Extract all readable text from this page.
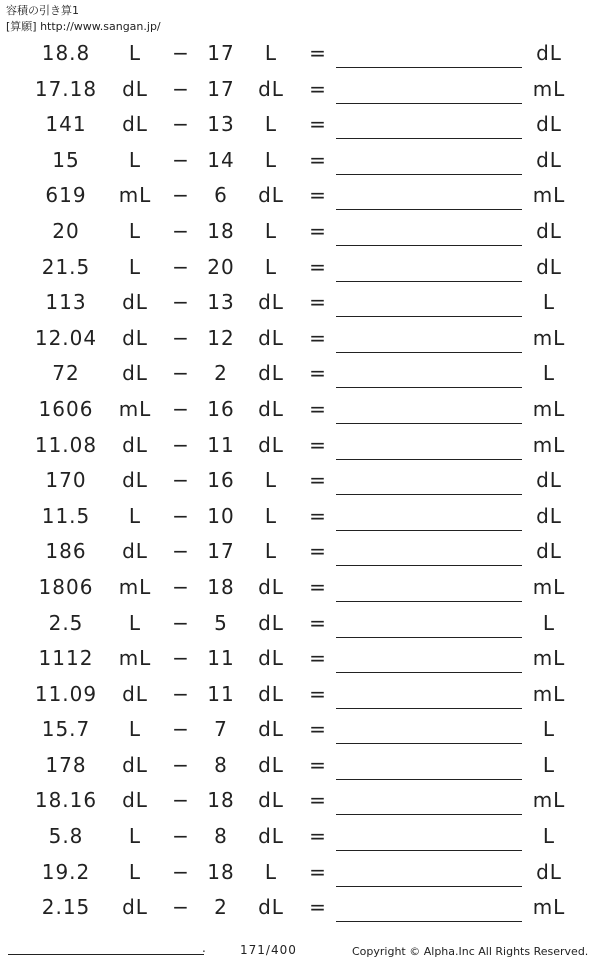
容積の引き算1
[算願] http://www.sangan.jp/
18.8	L	− 17	L	=	dL
17.18	dL	− 17	dL	=	mL
141	dL	− 13	L	=	dL
15	L	− 14	L	=	dL
619	mL	−	6	dL	=	mL
20	L	− 18	L	=	dL
21.5	L	− 20	L	=	dL
113	dL	− 13	dL	=	L
12.04	dL	− 12	dL	=	mL
72	dL	−	2	dL	=	L
1606	mL	− 16	dL	=	mL
11.08	dL	− 11	dL	=	mL
170	dL	− 16	L	=	dL
11.5	L	− 10	L	=	dL
186	dL	− 17	L	=	dL
1806	mL	− 18	dL	=	mL
2.5	L	−	5	dL	=	L
1112	mL	− 11	dL	=	mL
11.09	dL	− 11	dL	=	mL
15.7	L	−	7	dL	=	L
178	dL	−	8	dL	=	L
18.16	dL	− 18	dL	=	mL
5.8	L	−	8	dL	=	L
19.2	L	− 18	L	=	dL
2.15	dL	−	2	dL	=	mL
.	171/400	Copyright © Alpha.Inc All Rights Reserved.
